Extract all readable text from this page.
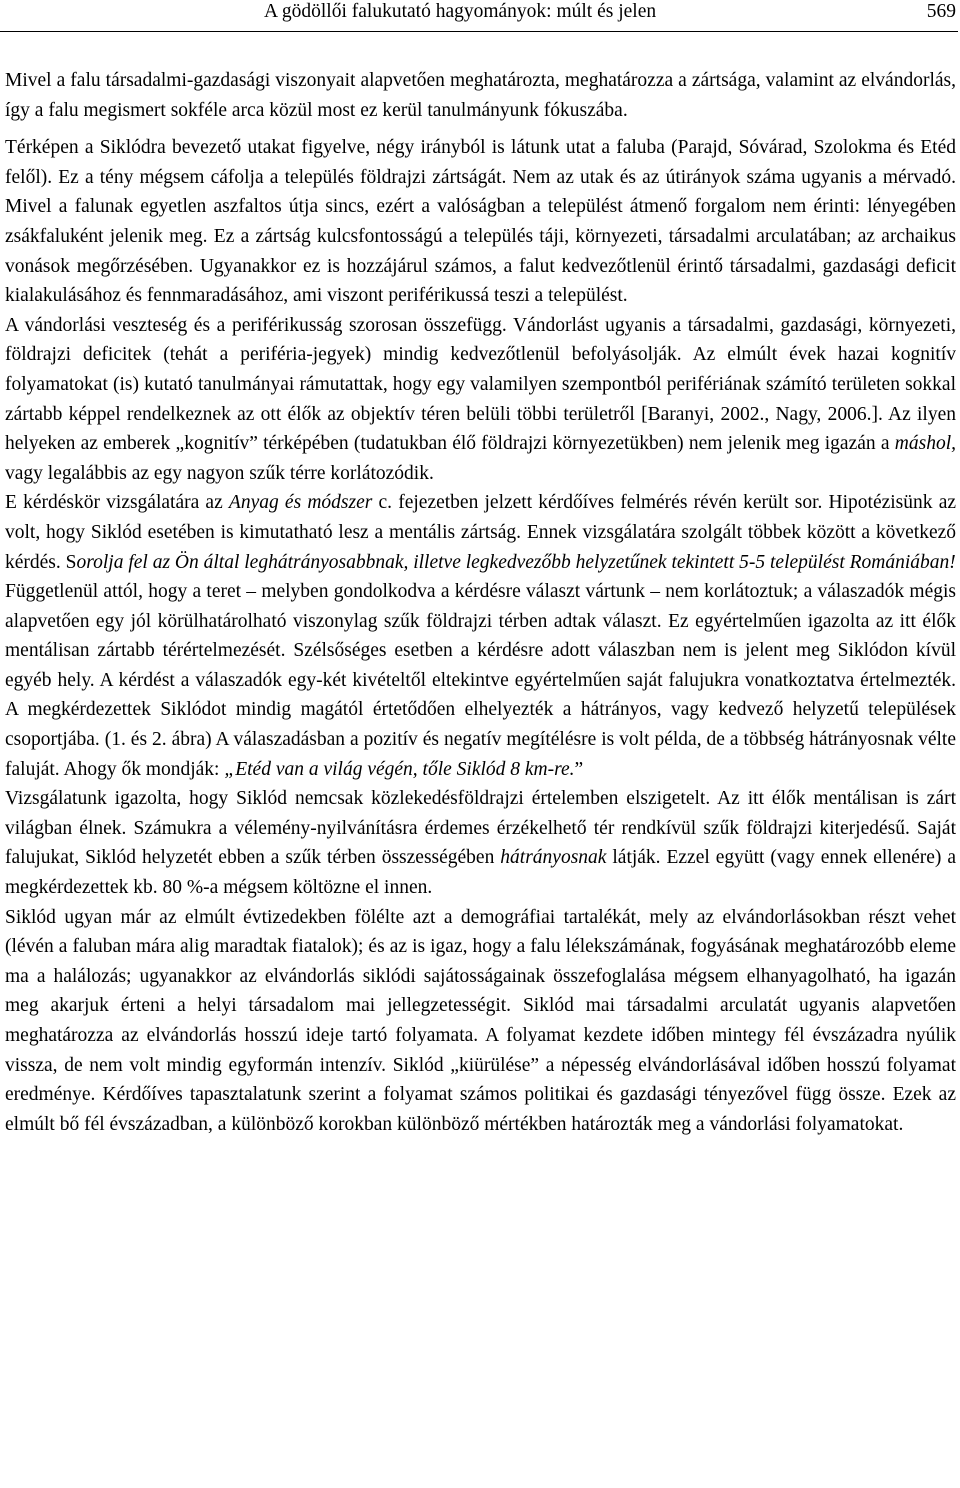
A gödöllői falukutató hagyományok: múlt és jelen	569

Mivel a falu társadalmi-gazdasági viszonyait alapvetően meghatározta, meghatározza a zártsága, valamint az elvándorlás, így a falu megismert sokféle arca közül most ez kerül tanulmányunk fókuszába.

Térképen a Siklódra bevezető utakat figyelve, négy irányból is látunk utat a faluba (Parajd, Sóvárad, Szolokma és Etéd felől). Ez a tény mégsem cáfolja a település földrajzi zártságát. Nem az utak és az útirányok száma ugyanis a mérvadó. Mivel a falunak egyetlen aszfaltos útja sincs, ezért a valóságban a települést átmenő forgalom nem érinti: lényegében zsákfaluként jelenik meg. Ez a zártság kulcsfontosságú a település táji, környezeti, társadalmi arculatában; az archaikus vonások megőrzésében. Ugyanakkor ez is hozzájárul számos, a falut kedvezőtlenül érintő társadalmi, gazdasági deficit kialakulásához és fennmaradásához, ami viszont periférikussá teszi a települést.

A vándorlási veszteség és a periférikusság szorosan összefügg. Vándorlást ugyanis a társadalmi, gazdasági, környezeti, földrajzi deficitek (tehát a periféria-jegyek) mindig kedvezőtlenül befolyásolják. Az elmúlt évek hazai kognitív folyamatokat (is) kutató tanulmányai rámutattak, hogy egy valamilyen szempontból perifériának számító területen sokkal zártabb képpel rendelkeznek az ott élők az objektív téren belüli többi területről [Baranyi, 2002., Nagy, 2006.]. Az ilyen helyeken az emberek „kognitív” térképében (tudatukban élő földrajzi környezetükben) nem jelenik meg igazán a máshol, vagy legalábbis az egy nagyon szűk térre korlátozódik.

E kérdéskör vizsgálatára az Anyag és módszer c. fejezetben jelzett kérdőíves felmérés révén került sor. Hipotézisünk az volt, hogy Siklód esetében is kimutatható lesz a mentális zártság. Ennek vizsgálatára szolgált többek között a következő kérdés. Sorolja fel az Ön által leghátrányosabbnak, illetve legkedvezőbb helyzetűnek tekintett 5-5 települést Romániában!

Függetlenül attól, hogy a teret – melyben gondolkodva a kérdésre választ vártunk – nem korlátoztuk; a válaszadók mégis alapvetően egy jól körülhatárolható viszonylag szűk földrajzi térben adtak választ. Ez egyértelműen igazolta az itt élők mentálisan zártabb térértelmezését. Szélsőséges esetben a kérdésre adott válaszban nem is jelent meg Siklódon kívül egyéb hely. A kérdést a válaszadók egy-két kivételtől eltekintve egyértelműen saját falujukra vonatkoztatva értelmezték. A megkérdezettek Siklódot mindig magától értetődően elhelyezték a hátrányos, vagy kedvező helyzetű települések csoportjába. (1. és 2. ábra) A válaszadásban a pozitív és negatív megítélésre is volt példa, de a többség hátrányosnak vélte faluját. Ahogy ők mondják: „Etéd van a világ végén, tőle Siklód 8 km-re.”

Vizsgálatunk igazolta, hogy Siklód nemcsak közlekedésföldrajzi értelemben elszigetelt. Az itt élők mentálisan is zárt világban élnek. Számukra a vélemény-nyilvánításra érdemes érzékelhető tér rendkívül szűk földrajzi kiterjedésű. Saját falujukat, Siklód helyzetét ebben a szűk térben összességében hátrányosnak látják. Ezzel együtt (vagy ennek ellenére) a megkérdezettek kb. 80 %-a mégsem költözne el innen.

Siklód ugyan már az elmúlt évtizedekben fölélte azt a demográfiai tartalékát, mely az elvándorlásokban részt vehet (lévén a faluban mára alig maradtak fiatalok); és az is igaz, hogy a falu lélekszámának, fogyásának meghatározóbb eleme ma a halálozás; ugyanakkor az elvándorlás siklódi sajátosságainak összefoglalása mégsem elhanyagolható, ha igazán meg akarjuk érteni a helyi társadalom mai jellegzetességit. Siklód mai társadalmi arculatát ugyanis alapvetően meghatározza az elvándorlás hosszú ideje tartó folyamata. A folyamat kezdete időben mintegy fél évszázadra nyúlik vissza, de nem volt mindig egyformán intenzív. Siklód „kiürülése” a népesség elvándorlásával időben hosszú folyamat eredménye. Kérdőíves tapasztalatunk szerint a folyamat számos politikai és gazdasági tényezővel függ össze. Ezek az elmúlt bő fél évszázadban, a különböző korokban különböző mértékben határozták meg a vándorlási folyamatokat.
